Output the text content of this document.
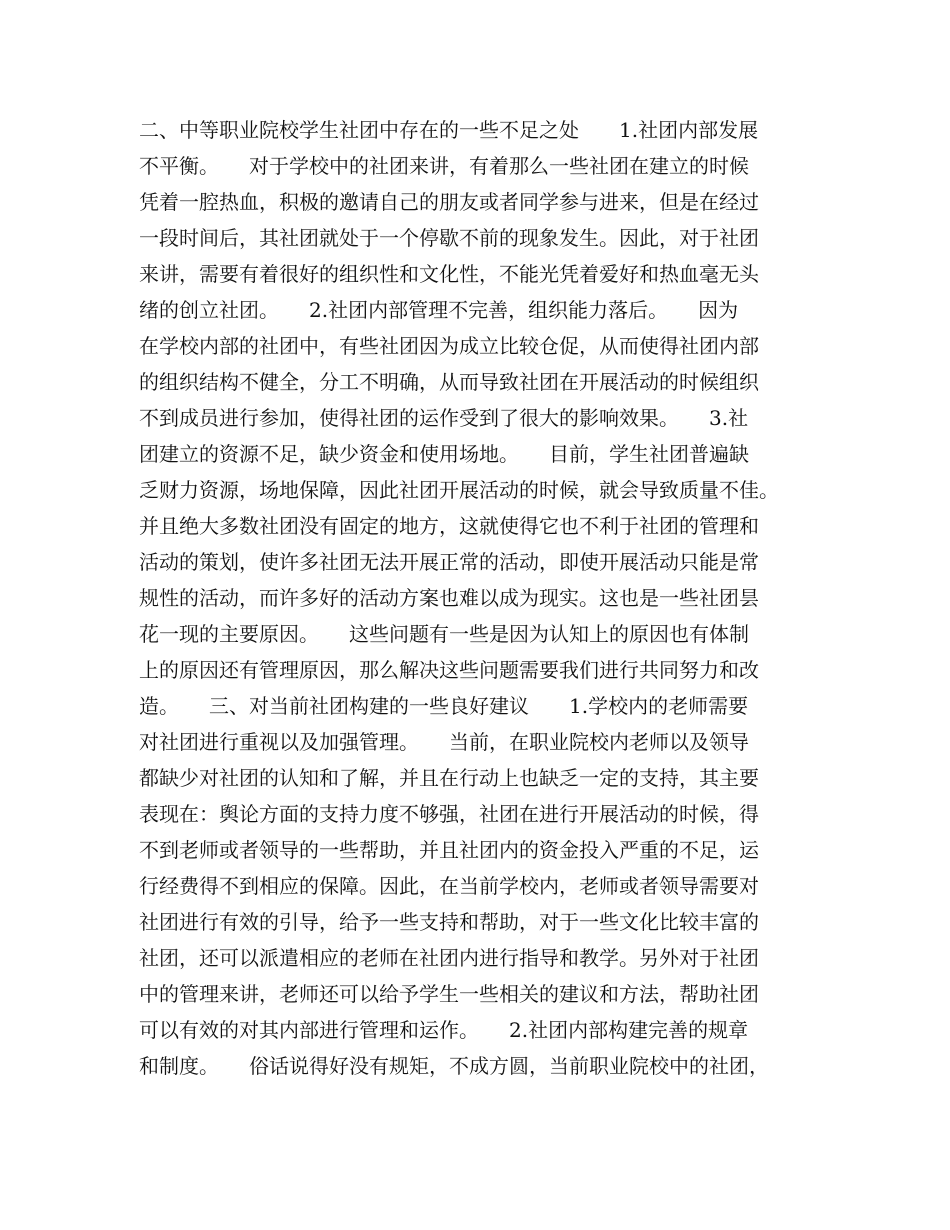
二、中等职业院校学生社团中存在的一些不足之处　　1.社团内部发展
不平衡。　　对于学校中的社团来讲，有着那么一些社团在建立的时候
凭着一腔热血，积极的邀请自己的朋友或者同学参与进来，但是在经过
一段时间后，其社团就处于一个停歇不前的现象发生。因此，对于社团
来讲，需要有着很好的组织性和文化性，不能光凭着爱好和热血毫无头
绪的创立社团。　　2.社团内部管理不完善，组织能力落后。　　因为
在学校内部的社团中，有些社团因为成立比较仓促，从而使得社团内部
的组织结构不健全，分工不明确，从而导致社团在开展活动的时候组织
不到成员进行参加，使得社团的运作受到了很大的影响效果。　　3.社
团建立的资源不足，缺少资金和使用场地。　　目前，学生社团普遍缺
乏财力资源，场地保障，因此社团开展活动的时候，就会导致质量不佳。
并且绝大多数社团没有固定的地方，这就使得它也不利于社团的管理和
活动的策划，使许多社团无法开展正常的活动，即使开展活动只能是常
规性的活动，而许多好的活动方案也难以成为现实。这也是一些社团昙
花一现的主要原因。　　这些问题有一些是因为认知上的原因也有体制
上的原因还有管理原因，那么解决这些问题需要我们进行共同努力和改
造。　　三、对当前社团构建的一些良好建议　　1.学校内的老师需要
对社团进行重视以及加强管理。　　当前，在职业院校内老师以及领导
都缺少对社团的认知和了解，并且在行动上也缺乏一定的支持，其主要
表现在：舆论方面的支持力度不够强，社团在进行开展活动的时候，得
不到老师或者领导的一些帮助，并且社团内的资金投入严重的不足，运
行经费得不到相应的保障。因此，在当前学校内，老师或者领导需要对
社团进行有效的引导，给予一些支持和帮助，对于一些文化比较丰富的
社团，还可以派遣相应的老师在社团内进行指导和教学。另外对于社团
中的管理来讲，老师还可以给予学生一些相关的建议和方法，帮助社团
可以有效的对其内部进行管理和运作。　　2.社团内部构建完善的规章
和制度。　　俗话说得好没有规矩，不成方圆，当前职业院校中的社团，
